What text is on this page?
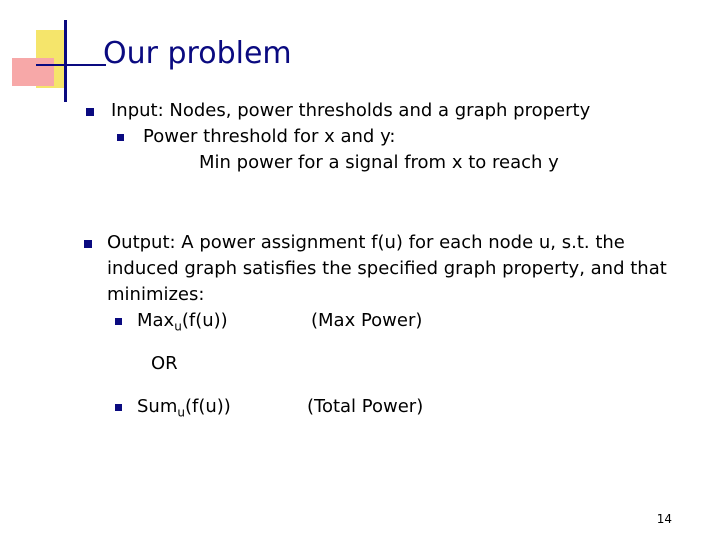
Our problem
Input: Nodes, power thresholds and a graph property
Power threshold for x and y:
Min power for a signal from x to reach y
Output: A power assignment f(u) for each node u, s.t. the
induced graph satisfies the specified graph property, and that
minimizes:
Max$_u$(f(u))	(Max Power)
OR
Sum$_u$(f(u))	(Total Power)
14
